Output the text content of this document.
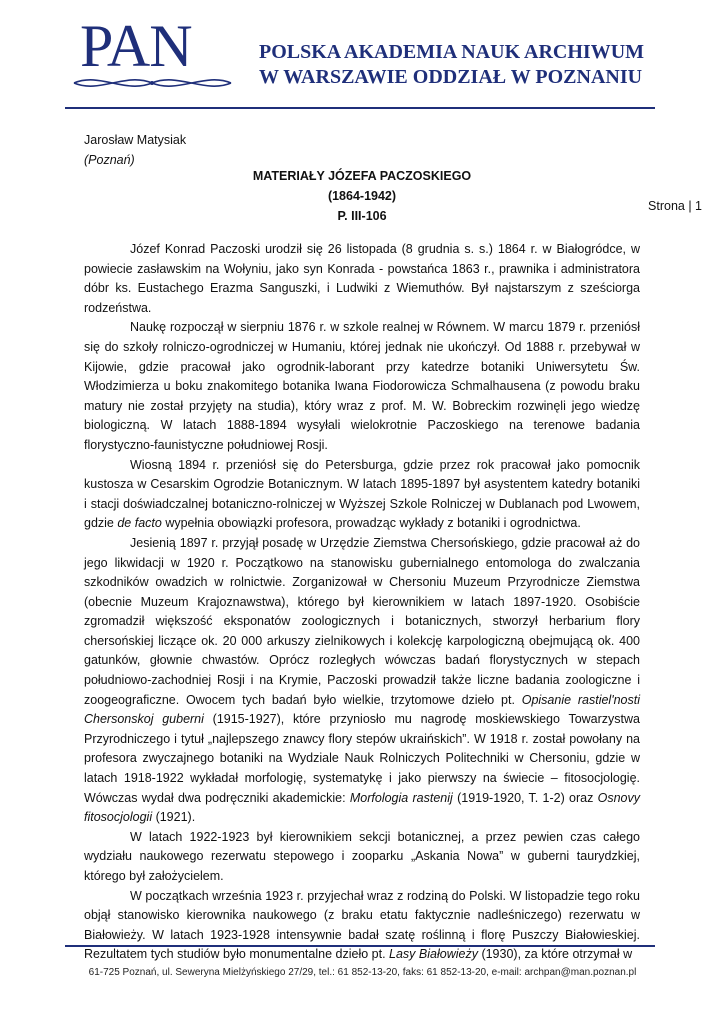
PAN	POLSKA AKADEMIA NAUK ARCHIWUM
W WARSZAWIE ODDZIAŁ W POZNANIU
Jarosław Matysiak
(Poznań)
MATERIAŁY JÓZEFA PACZOSKIEGO
(1864-1942)
P. III-106
Strona | 1

Józef Konrad Paczoski urodził się 26 listopada (8 grudnia s. s.) 1864 r. w Białogródce, w powiecie zasławskim na Wołyniu, jako syn Konrada - powstańca 1863 r., prawnika i administratora dóbr ks. Eustachego Erazma Sanguszki, i Ludwiki z Wiemuthów. Był najstarszym z sześciorga rodzeństwa.

Naukę rozpoczął w sierpniu 1876 r. w szkole realnej w Równem. W marcu 1879 r. przeniósł się do szkoły rolniczo-ogrodniczej w Humaniu, której jednak nie ukończył. Od 1888 r. przebywał w Kijowie, gdzie pracował jako ogrodnik-laborant przy katedrze botaniki Uniwersytetu Św. Włodzimierza u boku znakomitego botanika Iwana Fiodorowicza Schmalhausena (z powodu braku matury nie został przyjęty na studia), który wraz z prof. M. W. Bobreckim rozwinęli jego wiedzę biologiczną. W latach 1888-1894 wysyłali wielokrotnie Paczoskiego na terenowe badania florystyczno-faunistyczne południowej Rosji.

Wiosną 1894 r. przeniósł się do Petersburga, gdzie przez rok pracował jako pomocnik kustosza w Cesarskim Ogrodzie Botanicznym. W latach 1895-1897 był asystentem katedry botaniki i stacji doświadczalnej botaniczno-rolniczej w Wyższej Szkole Rolniczej w Dublanach pod Lwowem, gdzie de facto wypełnia obowiązki profesora, prowadząc wykłady z botaniki i ogrodnictwa.

Jesienią 1897 r. przyjął posadę w Urzędzie Ziemstwa Chersońskiego, gdzie pracował aż do jego likwidacji w 1920 r. Początkowo na stanowisku gubernialnego entomologa do zwalczania szkodników owadzich w rolnictwie. Zorganizował w Chersoniu Muzeum Przyrodnicze Ziemstwa (obecnie Muzeum Krajoznawstwa), którego był kierownikiem w latach 1897-1920. Osobiście zgromadził większość eksponatów zoologicznych i botanicznych, stworzył herbarium flory chersońskiej liczące ok. 20 000 arkuszy zielnikowych i kolekcję karpologiczną obejmującą ok. 400 gatunków, głownie chwastów. Oprócz rozległych wówczas badań florystycznych w stepach południowo-zachodniej Rosji i na Krymie, Paczoski prowadził także liczne badania zoologiczne i zoogeograficzne. Owocem tych badań było wielkie, trzytomowe dzieło pt. Opisanie rastiel'nosti Chersonskoj guberni (1915-1927), które przyniosło mu nagrodę moskiewskiego Towarzystwa Przyrodniczego i tytuł „najlepszego znawcy flory stepów ukraińskich”. W 1918 r. został powołany na profesora zwyczajnego botaniki na Wydziale Nauk Rolniczych Politechniki w Chersoniu, gdzie w latach 1918-1922 wykładał morfologię, systematykę i jako pierwszy na świecie – fitosocjologię. Wówczas wydał dwa podręczniki akademickie: Morfologia rastenij (1919-1920, T. 1-2) oraz Osnovy fitosocjologii (1921).

W latach 1922-1923 był kierownikiem sekcji botanicznej, a przez pewien czas całego wydziału naukowego rezerwatu stepowego i zooparku „Askania Nowa” w guberni taurydzkiej, którego był założycielem.

W początkach września 1923 r. przyjechał wraz z rodziną do Polski. W listopadzie tego roku objął stanowisko kierownika naukowego (z braku etatu faktycznie nadleśniczego) rezerwatu w Białowieży. W latach 1923-1928 intensywnie badał szatę roślinną i florę Puszczy Białowieskiej. Rezultatem tych studiów było monumentalne dzieło pt. Lasy Białowieży (1930), za które otrzymał w

61-725 Poznań, ul. Seweryna Mielżyńskiego 27/29, tel.: 61 852-13-20, faks: 61 852-13-20, e-mail: archpan@man.poznan.pl
